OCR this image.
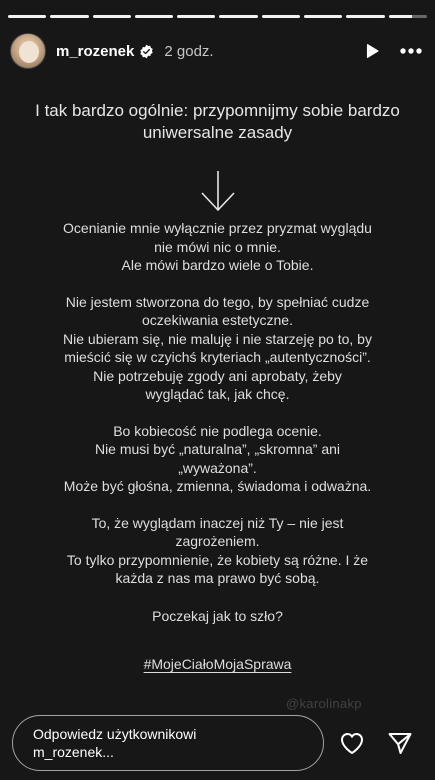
m_rozenek 2 godz.

I tak bardzo ogólnie: przypomnijmy sobie bardzo uniwersalne zasady

Ocenianie mnie wyłącznie przez pryzmat wyglądu
nie mówi nic o mnie.
Ale mówi bardzo wiele o Tobie.
Nie jestem stworzona do tego, by spełniać cudze
oczekiwania estetyczne.
Nie ubieram się, nie maluję i nie starzeję po to, by
mieścić się w czyichś kryteriach „autentyczności”.
Nie potrzebuję zgody ani aprobaty, żeby
wyglądać tak, jak chcę.
Bo kobiecość nie podlega ocenie.
Nie musi być „naturalna”, „skromna” ani
„wyważona”.
Może być głośna, zmienna, świadoma i odważna.
To, że wyglądam inaczej niż Ty – nie jest
zagrożeniem.
To tylko przypomnienie, że kobiety są różne. I że
każda z nas ma prawo być sobą.
Poczekaj jak to szło?
#MojeCiałoMojaSprawa
@karolinakp
Odpowiedz użytkownikowi
m_rozenek...
